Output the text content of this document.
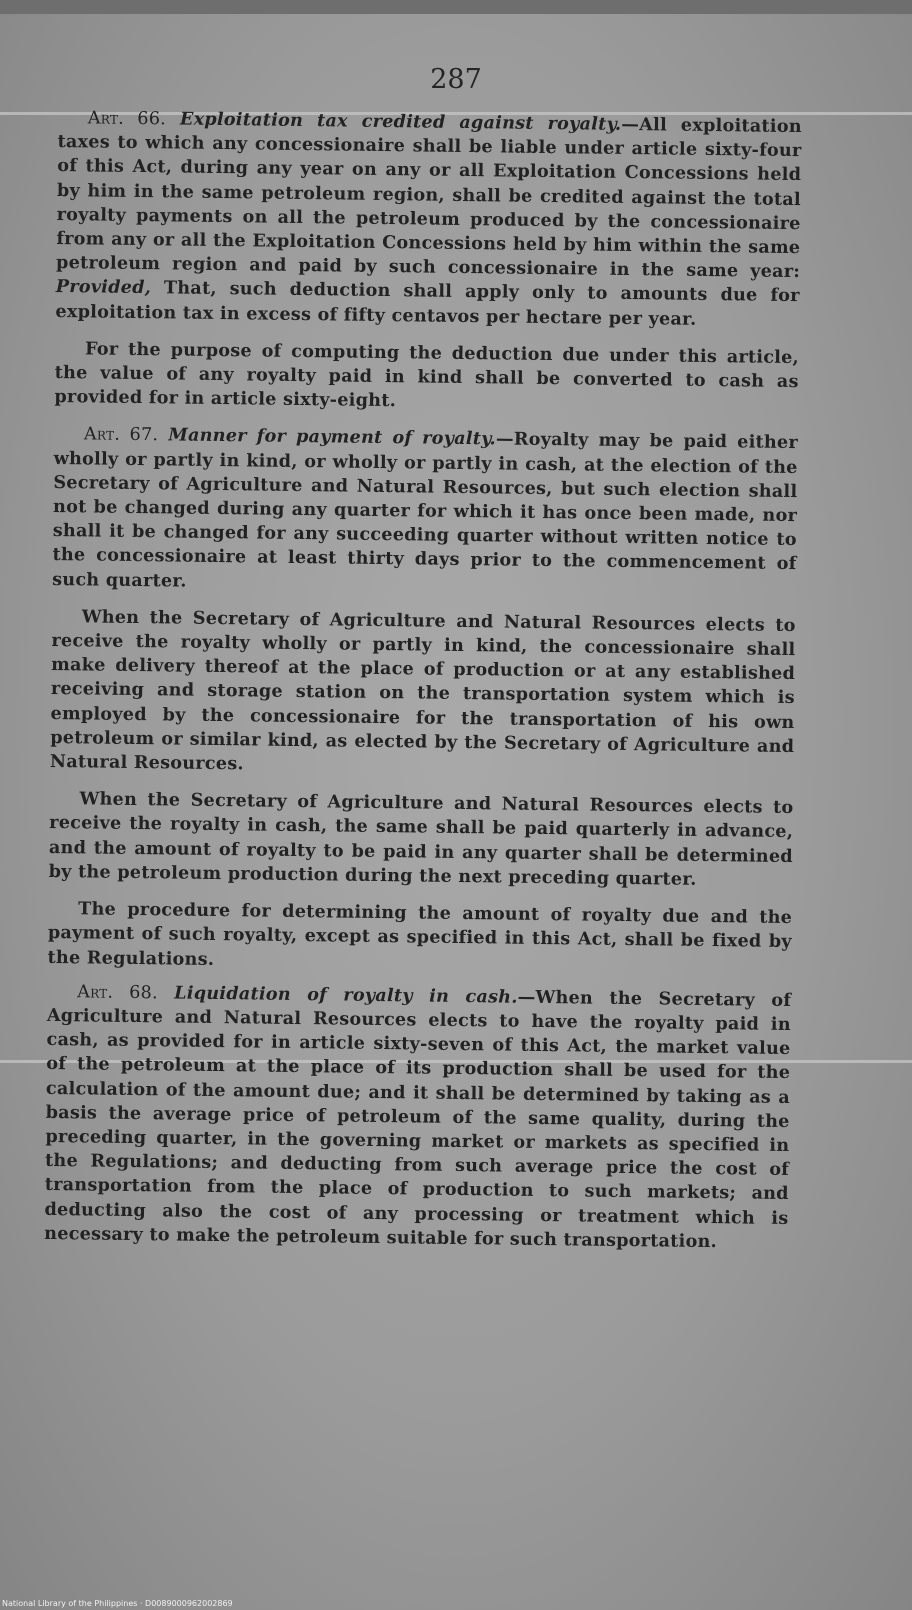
287

Art. 66. Exploitation tax credited against royalty.—All exploitation taxes to which any concessionaire shall be liable under article sixty-four of this Act, during any year on any or all Exploitation Concessions held by him in the same petroleum region, shall be credited against the total royalty payments on all the petroleum produced by the concessionaire from any or all the Exploitation Concessions held by him within the same petroleum region and paid by such concessionaire in the same year: Provided, That, such deduction shall apply only to amounts due for exploitation tax in excess of fifty centavos per hectare per year.

For the purpose of computing the deduction due under this article, the value of any royalty paid in kind shall be converted to cash as provided for in article sixty-eight.

Art. 67. Manner for payment of royalty.—Royalty may be paid either wholly or partly in kind, or wholly or partly in cash, at the election of the Secretary of Agriculture and Natural Resources, but such election shall not be changed during any quarter for which it has once been made, nor shall it be changed for any succeeding quarter without written notice to the concessionaire at least thirty days prior to the commencement of such quarter.

When the Secretary of Agriculture and Natural Resources elects to receive the royalty wholly or partly in kind, the concessionaire shall make delivery thereof at the place of production or at any established receiving and storage station on the transportation system which is employed by the concessionaire for the transportation of his own petroleum or similar kind, as elected by the Secretary of Agriculture and Natural Resources.

When the Secretary of Agriculture and Natural Resources elects to receive the royalty in cash, the same shall be paid quarterly in advance, and the amount of royalty to be paid in any quarter shall be determined by the petroleum production during the next preceding quarter.

The procedure for determining the amount of royalty due and the payment of such royalty, except as specified in this Act, shall be fixed by the Regulations.

Art. 68. Liquidation of royalty in cash.—When the Secretary of Agriculture and Natural Resources elects to have the royalty paid in cash, as provided for in article sixty-seven of this Act, the market value of the petroleum at the place of its production shall be used for the calculation of the amount due; and it shall be determined by taking as a basis the average price of petroleum of the same quality, during the preceding quarter, in the governing market or markets as specified in the Regulations; and deducting from such average price the cost of transportation from the place of production to such markets; and deducting also the cost of any processing or treatment which is necessary to make the petroleum suitable for such transportation.

National Library of the Philippines · D0089000962002869
